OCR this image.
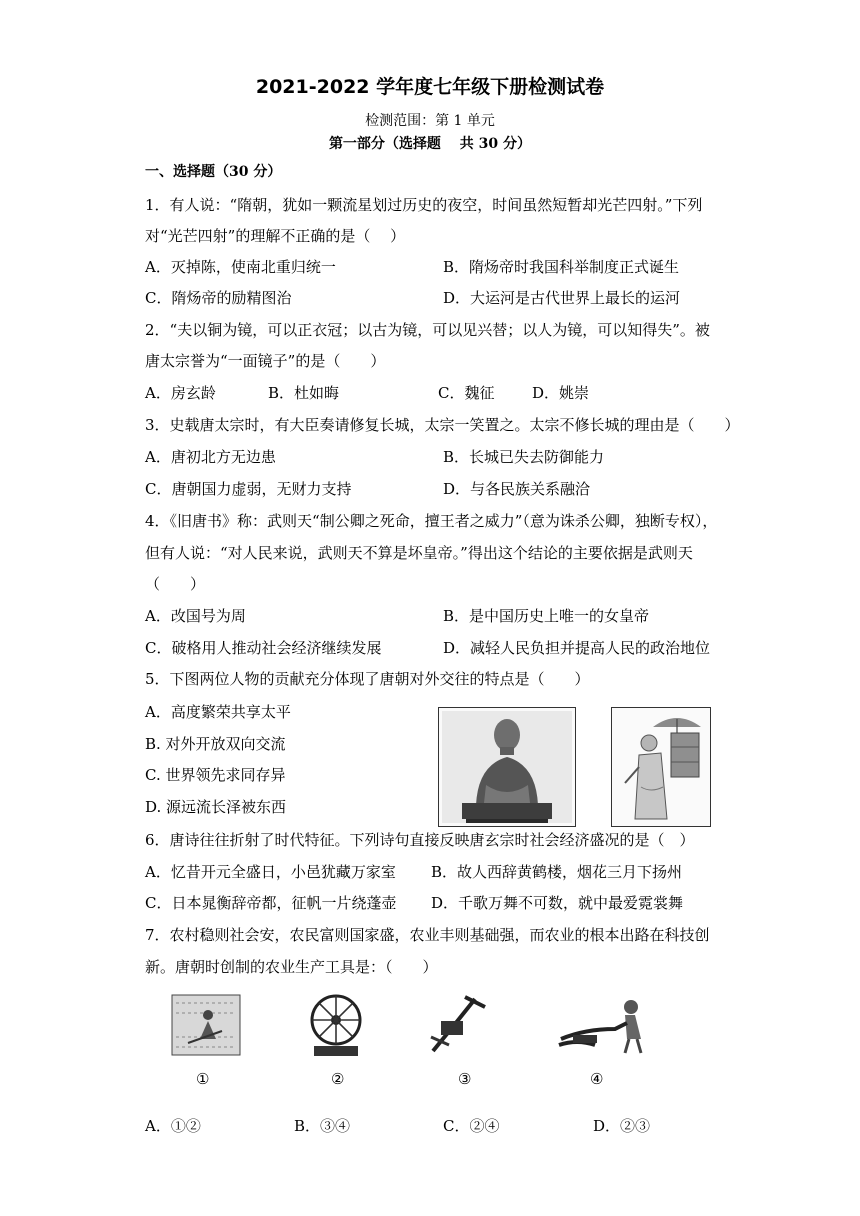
2021-2022 学年度七年级下册检测试卷
检测范围：第 1 单元
第一部分（选择题　 共 30 分）
一、选择题（30 分）
1．有人说：“隋朝，犹如一颗流星划过历史的夜空，时间虽然短暂却光芒四射。”下列
对“光芒四射”的理解不正确的是（　 ）
A．灭掉陈，使南北重归统一	B．隋炀帝时我国科举制度正式诞生
C．隋炀帝的励精图治	D．大运河是古代世界上最长的运河
2．“夫以铜为镜，可以正衣冠；以古为镜，可以见兴替；以人为镜，可以知得失”。被
唐太宗誉为“一面镜子”的是（　　）
A．房玄龄	B．杜如晦	C．魏征	D．姚崇
3．史载唐太宗时，有大臣奏请修复长城，太宗一笑置之。太宗不修长城的理由是（　　）
A．唐初北方无边患	B．长城已失去防御能力
C．唐朝国力虚弱，无财力支持	D．与各民族关系融洽
4．《旧唐书》称：武则天“制公卿之死命，擅王者之威力”（意为诛杀公卿，独断专权），
但有人说：“对人民来说，武则天不算是坏皇帝。”得出这个结论的主要依据是武则天
（　　）
A．改国号为周	B．是中国历史上唯一的女皇帝
C．破格用人推动社会经济继续发展	D．减轻人民负担并提高人民的政治地位
5．下图两位人物的贡献充分体现了唐朝对外交往的特点是（　　）
A．高度繁荣共享太平
B. 对外开放双向交流
C. 世界领先求同存异
D. 源远流长泽被东西
6．唐诗往往折射了时代特征。下列诗句直接反映唐玄宗时社会经济盛况的是（　）
A．忆昔开元全盛日，小邑犹藏万家室 B．故人西辞黄鹤楼，烟花三月下扬州
C．日本晁衡辞帝都，征帆一片绕蓬壶 D．千歌万舞不可数，就中最爱霓裳舞
7．农村稳则社会安，农民富则国家盛，农业丰则基础强，而农业的根本出路在科技创
新。唐朝时创制的农业生产工具是：（　　）
①	②	③	④
A．①②	B．③④	C．②④	D．②③
